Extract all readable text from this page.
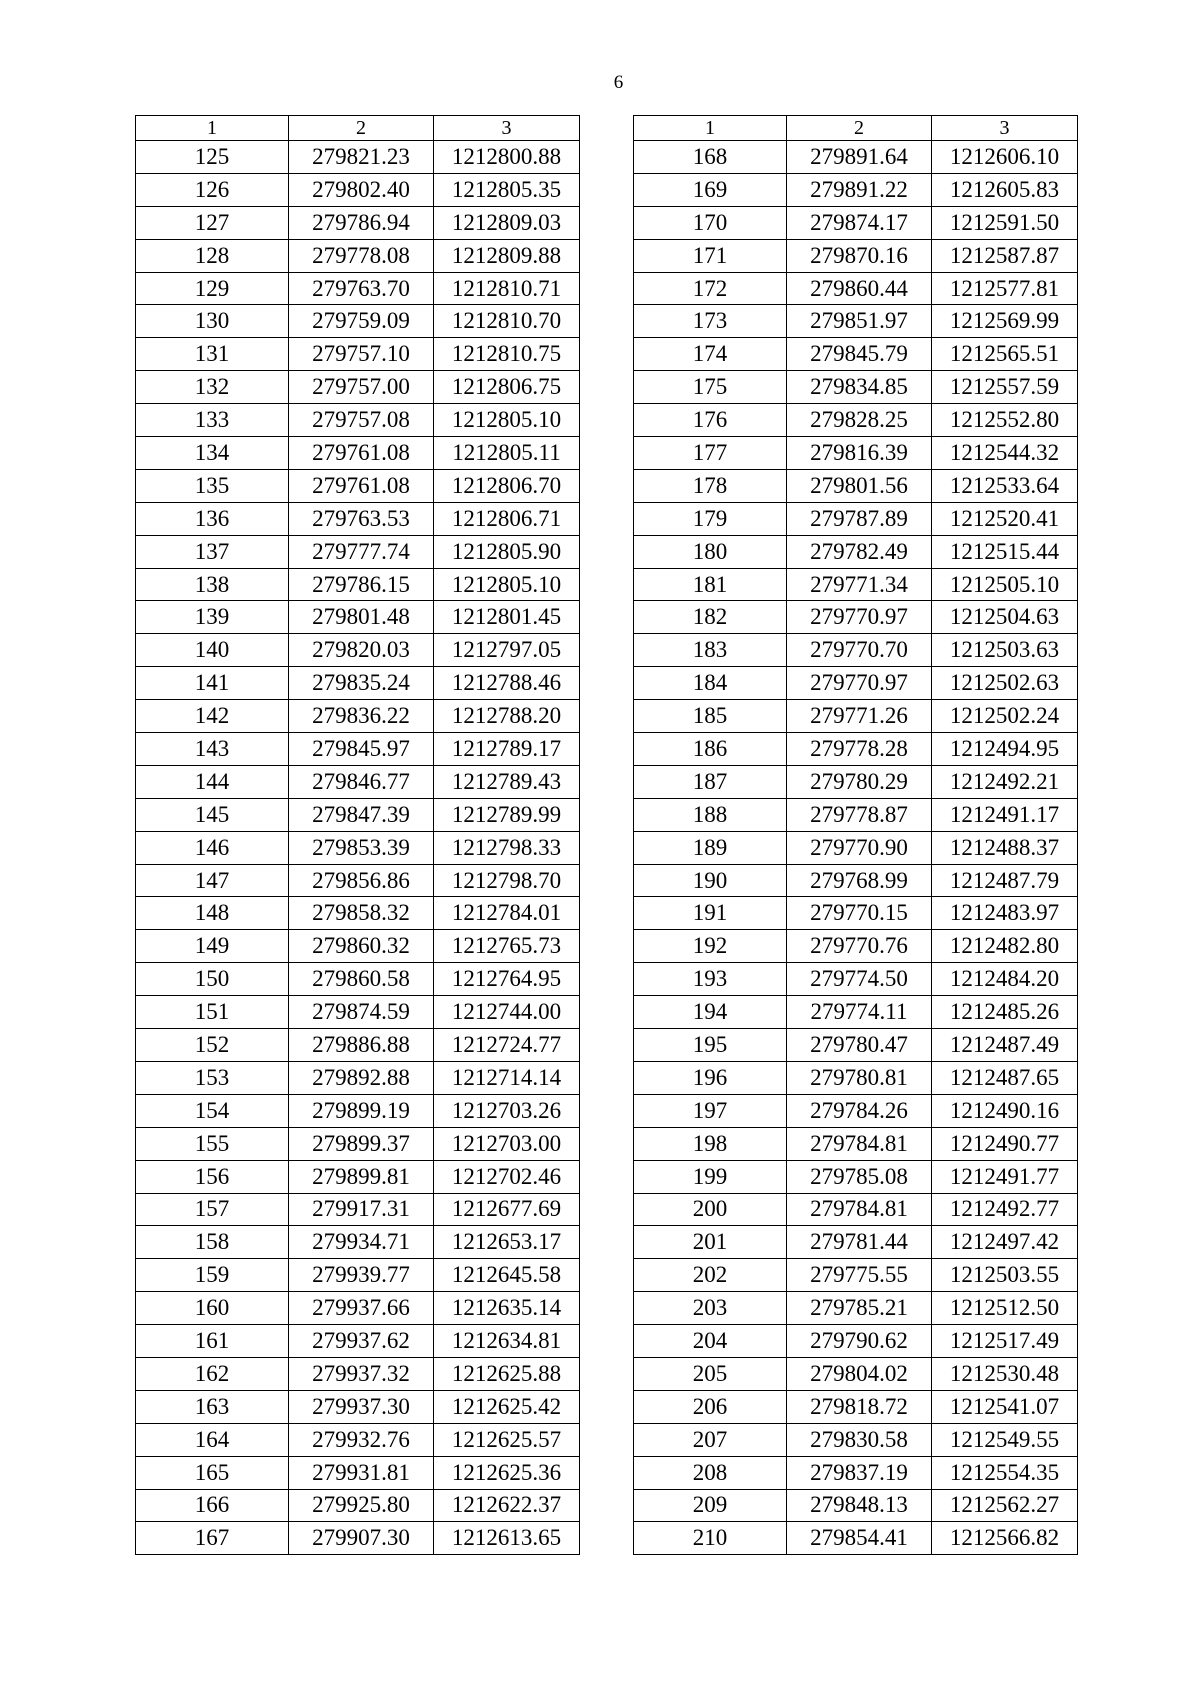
6
1	2	3
125	279821.23	1212800.88
126	279802.40	1212805.35
127	279786.94	1212809.03
128	279778.08	1212809.88
129	279763.70	1212810.71
130	279759.09	1212810.70
131	279757.10	1212810.75
132	279757.00	1212806.75
133	279757.08	1212805.10
134	279761.08	1212805.11
135	279761.08	1212806.70
136	279763.53	1212806.71
137	279777.74	1212805.90
138	279786.15	1212805.10
139	279801.48	1212801.45
140	279820.03	1212797.05
141	279835.24	1212788.46
142	279836.22	1212788.20
143	279845.97	1212789.17
144	279846.77	1212789.43
145	279847.39	1212789.99
146	279853.39	1212798.33
147	279856.86	1212798.70
148	279858.32	1212784.01
149	279860.32	1212765.73
150	279860.58	1212764.95
151	279874.59	1212744.00
152	279886.88	1212724.77
153	279892.88	1212714.14
154	279899.19	1212703.26
155	279899.37	1212703.00
156	279899.81	1212702.46
157	279917.31	1212677.69
158	279934.71	1212653.17
159	279939.77	1212645.58
160	279937.66	1212635.14
161	279937.62	1212634.81
162	279937.32	1212625.88
163	279937.30	1212625.42
164	279932.76	1212625.57
165	279931.81	1212625.36
166	279925.80	1212622.37
167	279907.30	1212613.65
1	2	3
168	279891.64	1212606.10
169	279891.22	1212605.83
170	279874.17	1212591.50
171	279870.16	1212587.87
172	279860.44	1212577.81
173	279851.97	1212569.99
174	279845.79	1212565.51
175	279834.85	1212557.59
176	279828.25	1212552.80
177	279816.39	1212544.32
178	279801.56	1212533.64
179	279787.89	1212520.41
180	279782.49	1212515.44
181	279771.34	1212505.10
182	279770.97	1212504.63
183	279770.70	1212503.63
184	279770.97	1212502.63
185	279771.26	1212502.24
186	279778.28	1212494.95
187	279780.29	1212492.21
188	279778.87	1212491.17
189	279770.90	1212488.37
190	279768.99	1212487.79
191	279770.15	1212483.97
192	279770.76	1212482.80
193	279774.50	1212484.20
194	279774.11	1212485.26
195	279780.47	1212487.49
196	279780.81	1212487.65
197	279784.26	1212490.16
198	279784.81	1212490.77
199	279785.08	1212491.77
200	279784.81	1212492.77
201	279781.44	1212497.42
202	279775.55	1212503.55
203	279785.21	1212512.50
204	279790.62	1212517.49
205	279804.02	1212530.48
206	279818.72	1212541.07
207	279830.58	1212549.55
208	279837.19	1212554.35
209	279848.13	1212562.27
210	279854.41	1212566.82
